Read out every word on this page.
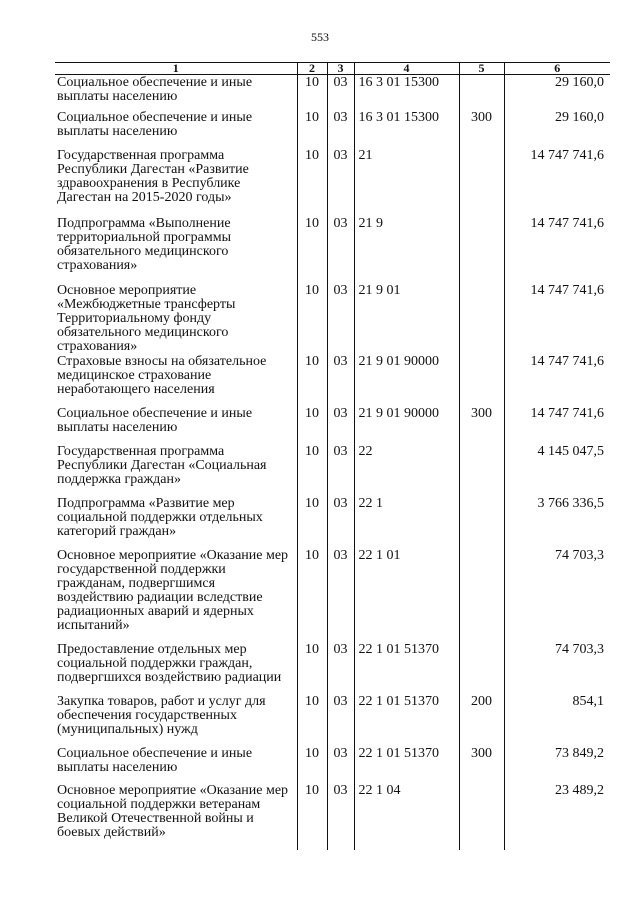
553
1	2	3	4	5	6
Социальное обеспечение и иные выплаты населению	10	03	16 3 01 15300		29 160,0
Социальное обеспечение и иные выплаты населению	10	03	16 3 01 15300	300	29 160,0
Государственная программа Республики Дагестан «Развитие здравоохранения в Республике Дагестан на 2015-2020 годы»	10	03	21		14 747 741,6
Подпрограмма «Выполнение территориальной программы обязательного медицинского страхования»	10	03	21 9		14 747 741,6
Основное мероприятие «Межбюджетные трансферты Территориальному фонду обязательного медицинского страхования»	10	03	21 9 01		14 747 741,6
Страховые взносы на обязательное медицинское страхование неработающего населения	10	03	21 9 01 90000		14 747 741,6
Социальное обеспечение и иные выплаты населению	10	03	21 9 01 90000	300	14 747 741,6
Государственная программа Республики Дагестан «Социальная поддержка граждан»	10	03	22		4 145 047,5
Подпрограмма «Развитие мер социальной поддержки отдельных категорий граждан»	10	03	22 1		3 766 336,5
Основное мероприятие «Оказание мер государственной поддержки гражданам, подвергшимся воздействию радиации вследствие радиационных аварий и ядерных испытаний»	10	03	22 1 01		74 703,3
Предоставление отдельных мер социальной поддержки граждан, подвергшихся воздействию радиации	10	03	22 1 01 51370		74 703,3
Закупка товаров, работ и услуг для обеспечения государственных (муниципальных) нужд	10	03	22 1 01 51370	200	854,1
Социальное обеспечение и иные выплаты населению	10	03	22 1 01 51370	300	73 849,2
Основное мероприятие «Оказание мер социальной поддержки ветеранам Великой Отечественной войны и боевых действий»	10	03	22 1 04		23 489,2
